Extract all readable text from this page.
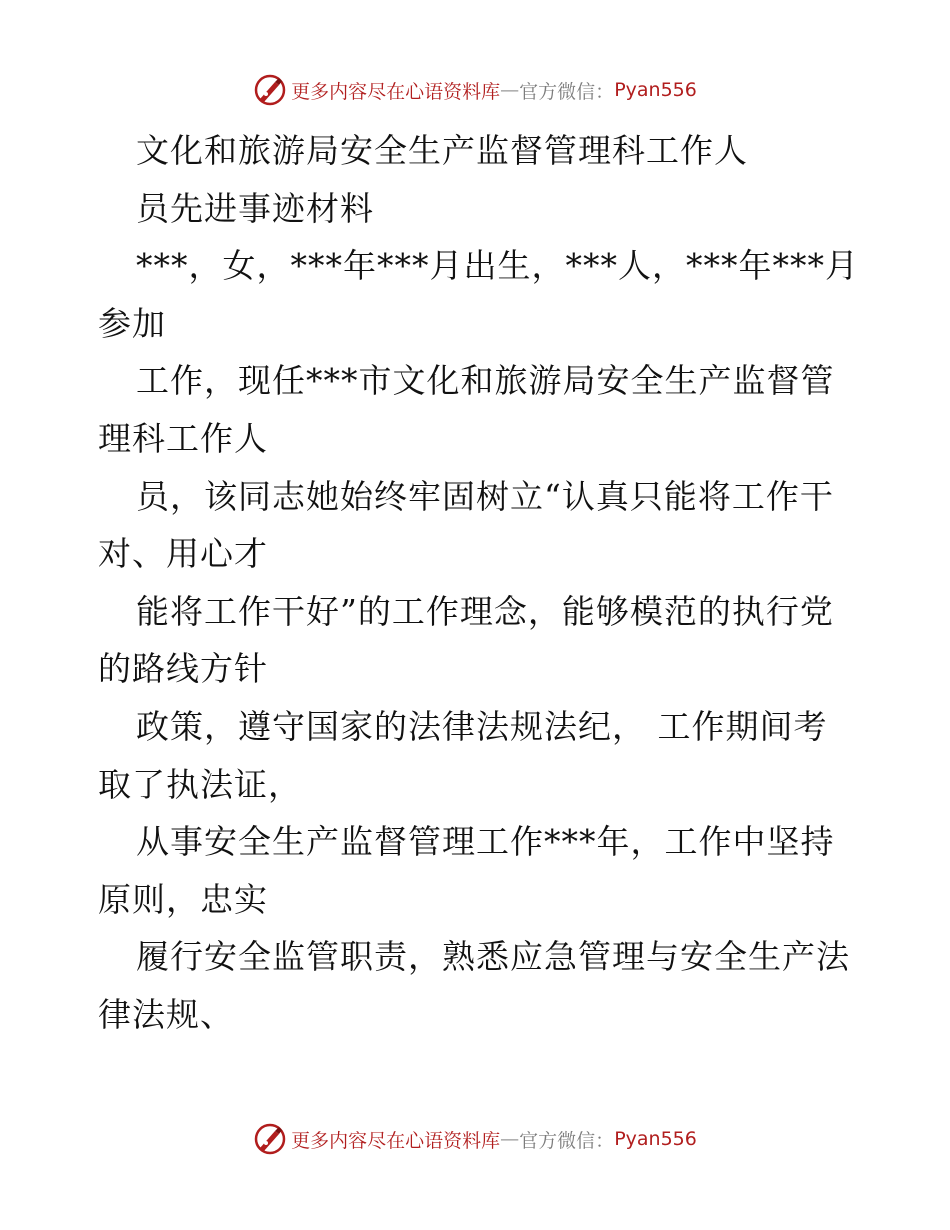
更多内容尽在心语资料库 — 官方微信： Pyan556
文化和旅游局安全生产监督管理科工作人
员先进事迹材料
***，女，***年***月出生，***人，***年***月
参加
工作，现任***市文化和旅游局安全生产监督管
理科工作人
员，该同志她始终牢固树立“认真只能将工作干
对、用心才
能将工作干好”的工作理念，能够模范的执行党
的路线方针
政策，遵守国家的法律法规法纪， 工作期间考
取了执法证，
从事安全生产监督管理工作***年，工作中坚持
原则，忠实
履行安全监管职责，熟悉应急管理与安全生产法
律法规、
更多内容尽在心语资料库 — 官方微信： Pyan556
